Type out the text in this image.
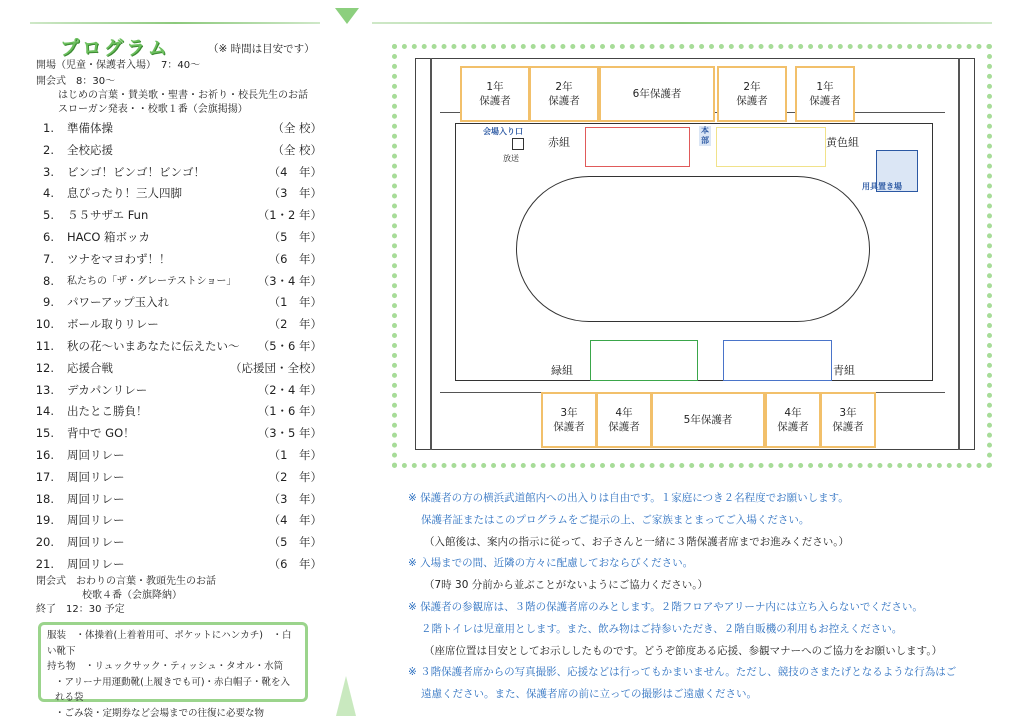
プログラム	（※ 時間は目安です）
開場（児童・保護者入場）　7：40〜
開会式　8：30〜
はじめの言葉・賛美歌・聖書・お祈り・校長先生のお話
スローガン発表・・校歌１番（会旗掲揚）
1. 準備体操	（全 校）
2. 全校応援	（全 校）
3. ビンゴ！ビンゴ！ビンゴ！	（4　年）
4. 息ぴったり！三人四脚	（3　年）
5. ５５サザエ Fun	（1・2 年）
6. HACO 箱ボッカ	（5　年）
7. ツナをマヨわず！！	（6　年）
8. 私たちの「ザ・グレーテストショー」 （3・4 年）
9. パワーアップ玉入れ	（1　年）
10. ボール取りリレー	（2　年）
11. 秋の花〜いまあなたに伝えたい〜 （5・6 年）
12. 応援合戦	（応援団・全校）
13. デカパンリレー	（2・4 年）
14. 出たとこ勝負！	（1・6 年）
15. 背中で GO！	（3・5 年）
16. 周回リレー	（1　年）
17. 周回リレー	（2　年）
18. 周回リレー	（3　年）
19. 周回リレー	（4　年）
20. 周回リレー	（5　年）
21. 周回リレー	（6　年）
閉会式　おわりの言葉・教頭先生のお話
校歌４番（会旗降納）
終了　12：30 予定
服装　・体操着(上着着用可、ポケットにハンカチ)　・白い靴下
持ち物　・リュックサック・ティッシュ・タオル・水筒
・アリーナ用運動靴(上履きでも可)・赤白帽子・靴を入れる袋
・ごみ袋・定期券など会場までの往復に必要な物
1年
保護者
2年
保護者
6年保護者
2年
保護者
1年
保護者
3年
保護者
4年
保護者
5年保護者
4年
保護者
3年
保護者
赤組	黄色組
緑組	青組
放送
会場入り口	本部
用具置き場
※ 保護者の方の横浜武道館内への出入りは自由です。１家庭につき２名程度でお願いします。
保護者証またはこのプログラムをご提示の上、ご家族まとまってご入場ください。
（入館後は、案内の指示に従って、お子さんと一緒に３階保護者席までお進みください。）
※ 入場までの間、近隣の方々に配慮しておならびください。
（7時 30 分前から並ぶことがないようにご協力ください。）
※ 保護者の参観席は、３階の保護者席のみとします。２階フロアやアリーナ内には立ち入らないでください。
２階トイレは児童用とします。また、飲み物はご持参いただき、２階自販機の利用もお控えください。
（座席位置は目安としてお示ししたものです。どうぞ節度ある応援、参観マナーへのご協力をお願いします。）
※ ３階保護者席からの写真撮影、応援などは行ってもかまいません。ただし、競技のさまたげとなるような行為はご
遠慮ください。また、保護者席の前に立っての撮影はご遠慮ください。
